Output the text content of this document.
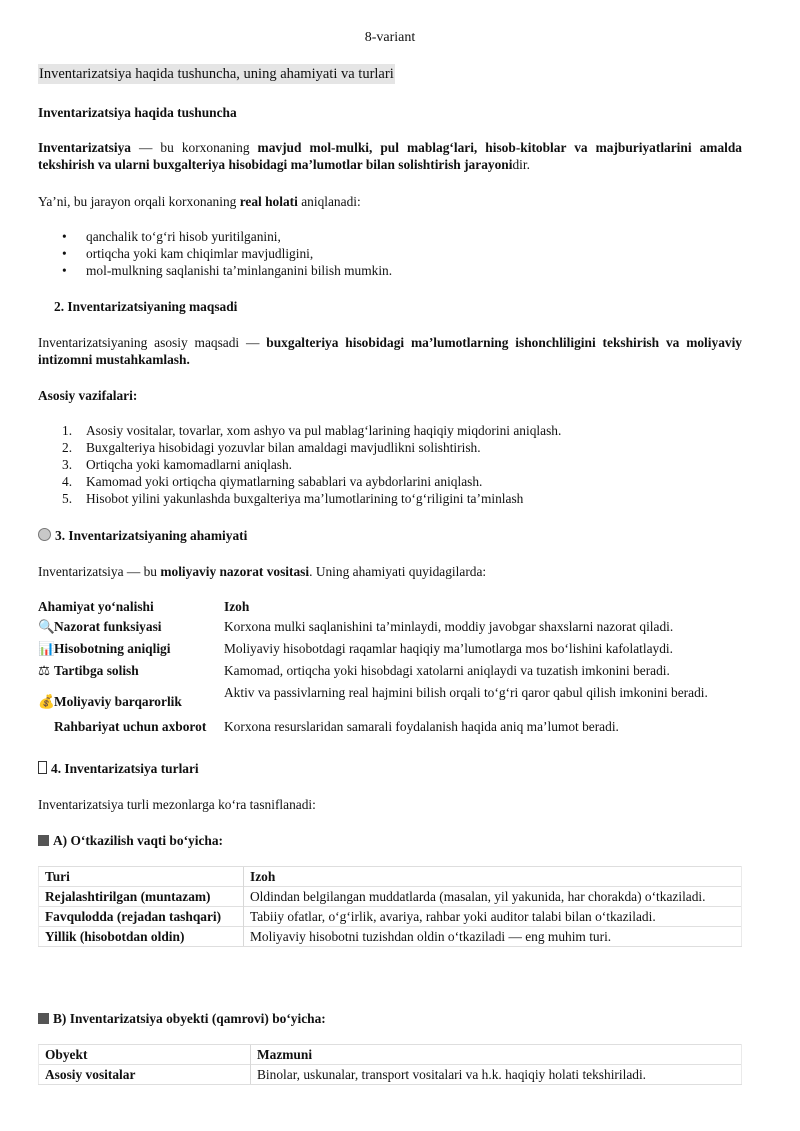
8-variant
Inventarizatsiya haqida tushuncha, uning ahamiyati va turlari
Inventarizatsiya haqida tushuncha
Inventarizatsiya — bu korxonaning mavjud mol-mulki, pul mablag‘lari, hisob-kitoblar va majburiyatlarini amalda tekshirish va ularni buxgalteriya hisobidagi ma’lumotlar bilan solishtirish jarayonidir.
Ya’ni, bu jarayon orqali korxonaning real holati aniqlanadi:
• qanchalik to‘g‘ri hisob yuritilganini,
• ortiqcha yoki kam chiqimlar mavjudligini,
• mol-mulkning saqlanishi ta’minlanganini bilish mumkin.
2. Inventarizatsiyaning maqsadi
Inventarizatsiyaning asosiy maqsadi — buxgalteriya hisobidagi ma’lumotlarning ishonchliligini tekshirish va moliyaviy intizomni mustahkamlash.
Asosiy vazifalari:
1. Asosiy vositalar, tovarlar, xom ashyo va pul mablag‘larining haqiqiy miqdorini aniqlash.
2. Buxgalteriya hisobidagi yozuvlar bilan amaldagi mavjudlikni solishtirish.
3. Ortiqcha yoki kamomadlarni aniqlash.
4. Kamomad yoki ortiqcha qiymatlarning sabablari va aybdorlarini aniqlash.
5. Hisobot yilini yakunlashda buxgalteriya ma’lumotlarining to‘g‘riligini ta’minlash
3. Inventarizatsiyaning ahamiyati
Inventarizatsiya — bu moliyaviy nazorat vositasi. Uning ahamiyati quyidagilarda:
Ahamiyat yo‘nalishi	Izoh
🔍Nazorat funksiyasi	Korxona mulki saqlanishini ta’minlaydi, moddiy javobgar shaxslarni nazorat qiladi.
📊Hisobotning aniqligi	Moliyaviy hisobotdagi raqamlar haqiqiy ma’lumotlarga mos bo‘lishini kafolatlaydi.
⚖ Tartibga solish	Kamomad, ortiqcha yoki hisobdagi xatolarni aniqlaydi va tuzatish imkonini beradi.
💰Moliyaviy barqarorlik	Aktiv va passivlarning real hajmini bilish orqali to‘g‘ri qaror qabul qilish imkonini beradi.
Rahbariyat uchun axborot	Korxona resurslaridan samarali foydalanish haqida aniq ma’lumot beradi.
4. Inventarizatsiya turlari
Inventarizatsiya turli mezonlarga ko‘ra tasniflanadi:
A) O‘tkazilish vaqti bo‘yicha:
Turi	Izoh
Rejalashtirilgan (muntazam)	Oldindan belgilangan muddatlarda (masalan, yil yakunida, har chorakda) o‘tkaziladi.
Favqulodda (rejadan tashqari)	Tabiiy ofatlar, o‘g‘irlik, avariya, rahbar yoki auditor talabi bilan o‘tkaziladi.
Yillik (hisobotdan oldin)	Moliyaviy hisobotni tuzishdan oldin o‘tkaziladi — eng muhim turi.
B) Inventarizatsiya obyekti (qamrovi) bo‘yicha:
Obyekt	Mazmuni
Asosiy vositalar	Binolar, uskunalar, transport vositalari va h.k. haqiqiy holati tekshiriladi.
